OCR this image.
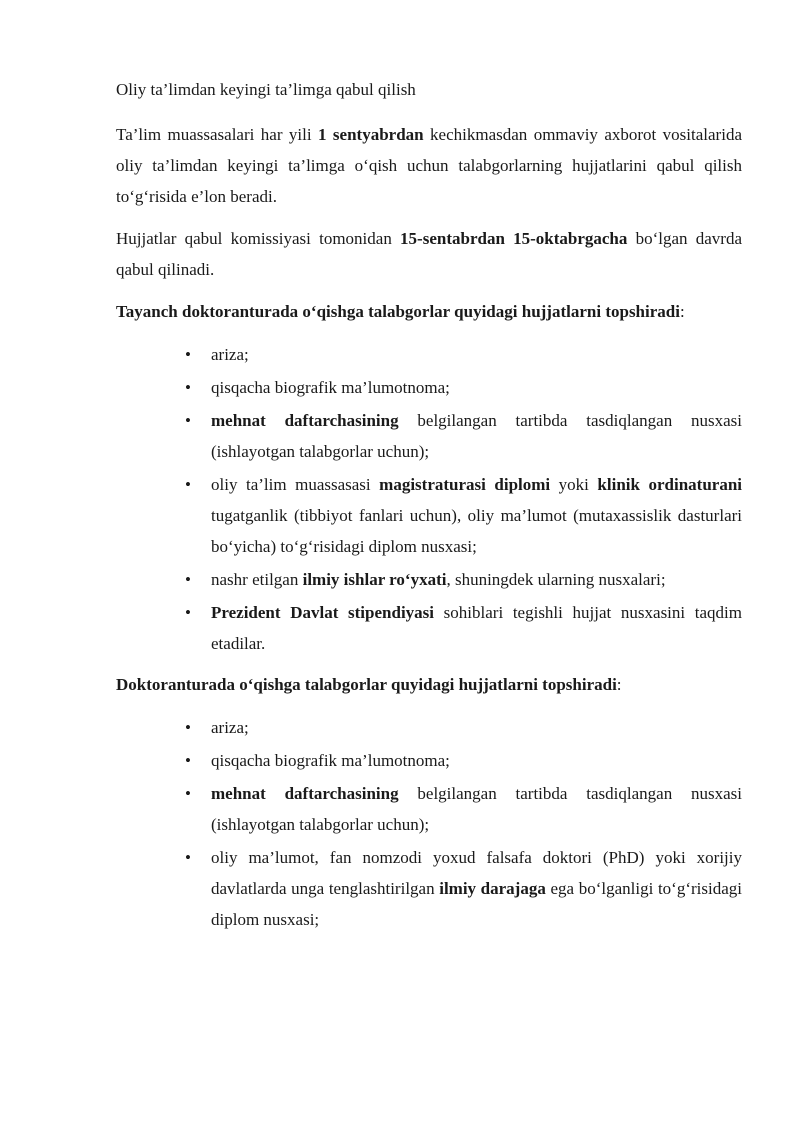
Oliy ta’limdan keyingi ta’limga qabul qilish

Ta’lim muassasalari har yili 1 sentyabrdan kechikmasdan ommaviy axborot vositalarida oliy ta’limdan keyingi ta’limga o‘qish uchun talabgorlarning hujjatlarini qabul qilish to‘g‘risida e’lon beradi.

Hujjatlar qabul komissiyasi tomonidan 15-sentabrdan 15-oktabrgacha bo‘lgan davrda qabul qilinadi.

Tayanch doktoranturada o‘qishga talabgorlar quyidagi hujjatlarni topshiradi:

• ariza;
• qisqacha biografik ma’lumotnoma;
• mehnat daftarchasining belgilangan tartibda tasdiqlangan nusxasi (ishlayotgan talabgorlar uchun);
• oliy ta’lim muassasasi magistraturasi diplomi yoki klinik ordinaturani tugatganlik (tibbiyot fanlari uchun), oliy ma’lumot (mutaxassislik dasturlari bo‘yicha) to‘g‘risidagi diplom nusxasi;
• nashr etilgan ilmiy ishlar ro‘yxati, shuningdek ularning nusxalari;
• Prezident Davlat stipendiyasi sohiblari tegishli hujjat nusxasini taqdim etadilar.

Doktoranturada o‘qishga talabgorlar quyidagi hujjatlarni topshiradi:

• ariza;
• qisqacha biografik ma’lumotnoma;
• mehnat daftarchasining belgilangan tartibda tasdiqlangan nusxasi (ishlayotgan talabgorlar uchun);
• oliy ma’lumot, fan nomzodi yoxud falsafa doktori (PhD) yoki xorijiy davlatlarda unga tenglashtirilgan ilmiy darajaga ega bo‘lganligi to‘g‘risidagi diplom nusxasi;
